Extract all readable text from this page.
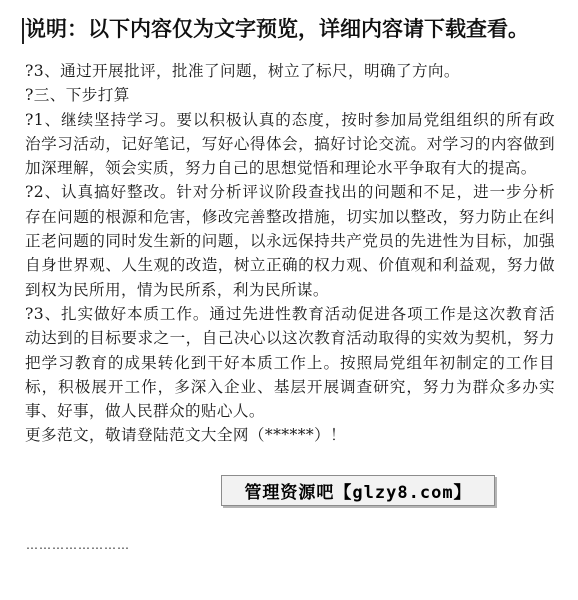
说明：以下内容仅为文字预览，详细内容请下载查看。

?3、通过开展批评，批准了问题，树立了标尺，明确了方向。

?三、下步打算

?1、继续坚持学习。要以积极认真的态度，按时参加局党组组织的所有政治学习活动，记好笔记，写好心得体会，搞好讨论交流。对学习的内容做到加深理解，领会实质，努力自己的思想觉悟和理论水平争取有大的提高。

?2、认真搞好整改。针对分析评议阶段查找出的问题和不足，进一步分析存在问题的根源和危害，修改完善整改措施，切实加以整改，努力防止在纠正老问题的同时发生新的问题，以永远保持共产党员的先进性为目标，加强自身世界观、人生观的改造，树立正确的权力观、价值观和利益观，努力做到权为民所用，情为民所系，利为民所谋。

?3、扎实做好本质工作。通过先进性教育活动促进各项工作是这次教育活动达到的目标要求之一，自己决心以这次教育活动取得的实效为契机，努力把学习教育的成果转化到干好本质工作上。按照局党组年初制定的工作目标，积极展开工作，多深入企业、基层开展调查研究，努力为群众多办实事、好事，做人民群众的贴心人。

更多范文，敬请登陆范文大全网（******）！

……………………
管理资源吧【glzy8.com】
